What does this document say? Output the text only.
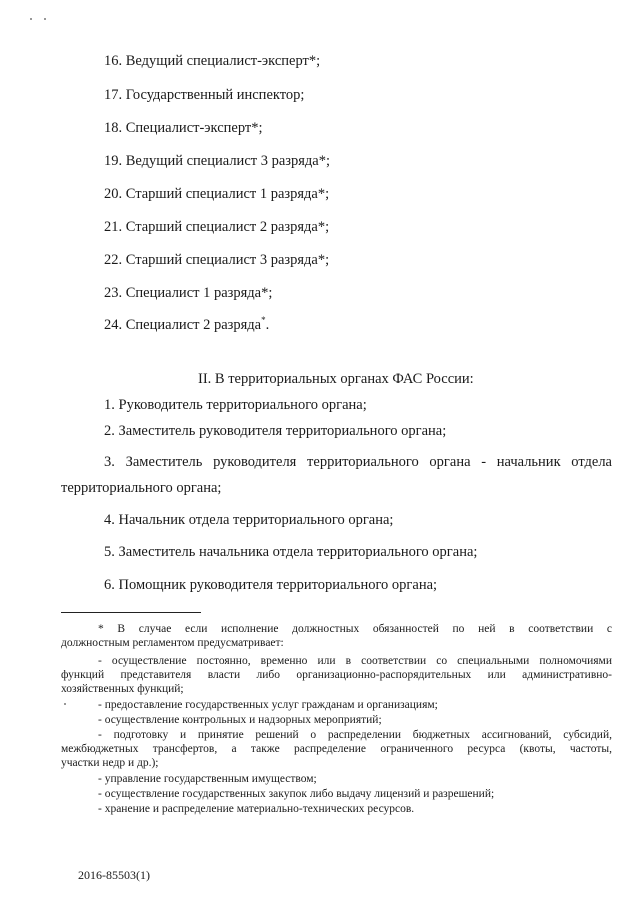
16. Ведущий специалист-эксперт*;
17. Государственный инспектор;
18. Специалист-эксперт*;
19. Ведущий специалист 3 разряда*;
20. Старший специалист 1 разряда*;
21. Старший специалист 2 разряда*;
22. Старший специалист 3 разряда*;
23. Специалист 1 разряда*;
24. Специалист 2 разряда*.
II. В территориальных органах ФАС России:
1. Руководитель территориального органа;
2. Заместитель руководителя территориального органа;
3. Заместитель руководителя территориального органа - начальник отдела
территориального органа;
4. Начальник отдела территориального органа;
5. Заместитель начальника отдела территориального органа;
6. Помощник руководителя территориального органа;
* В случае если исполнение должностных обязанностей по ней в соответствии с
должностным регламентом предусматривает:
- осуществление постоянно, временно или в соответствии со специальными полномочиями
функций представителя власти либо организационно-распорядительных или административно-
хозяйственных функций;
- предоставление государственных услуг гражданам и организациям;
- осуществление контрольных и надзорных мероприятий;
- подготовку и принятие решений о распределении бюджетных ассигнований, субсидий,
межбюджетных трансфертов, а также распределение ограниченного ресурса (квоты, частоты,
участки недр и др.);
- управление государственным имуществом;
- осуществление государственных закупок либо выдачу лицензий и разрешений;
- хранение и распределение материально-технических ресурсов.
2016-85503(1)
